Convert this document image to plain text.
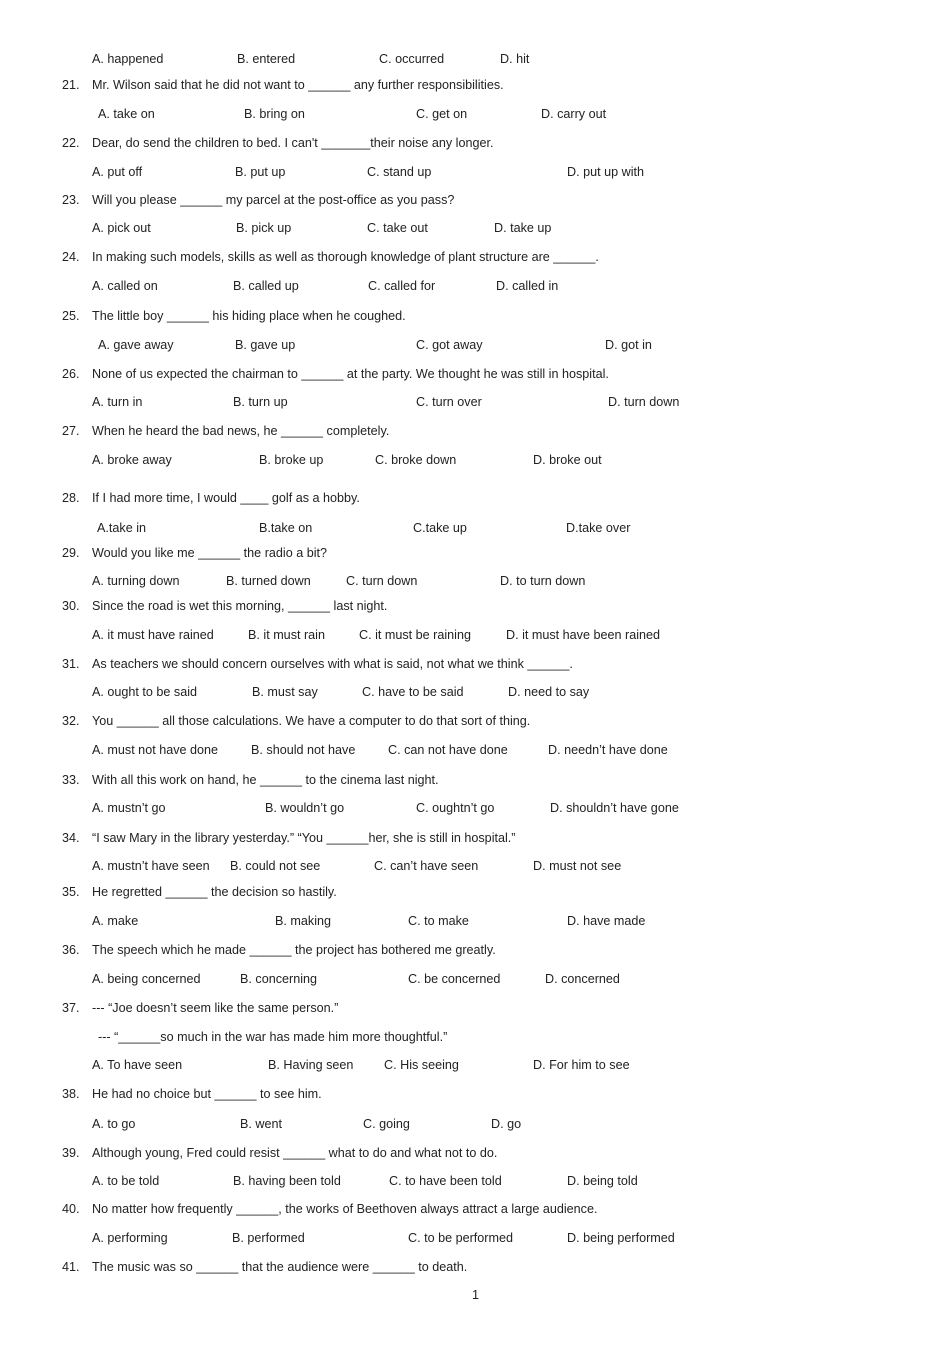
A. happened	B. entered	C. occurred	D. hit
21. Mr. Wilson said that he did not want to ______ any further responsibilities.
A. take on	B. bring on	C. get on	D. carry out
22. Dear, do send the children to bed. I can't _______their noise any longer.
A. put off	B. put up	C. stand up	D. put up with
23. Will you please ______ my parcel at the post-office as you pass?
A. pick out	B. pick up	C. take out	D. take up
24. In making such models, skills as well as thorough knowledge of plant structure are ______.
A. called on	B. called up	C. called for	D. called in
25. The little boy ______ his hiding place when he coughed.
A. gave away	B. gave up	C. got away	D. got in
26. None of us expected the chairman to ______ at the party. We thought he was still in hospital.
A. turn in	B. turn up	C. turn over	D. turn down
27. When he heard the bad news, he ______ completely.
A. broke away	B. broke up	C. broke down	D. broke out
28. If I had more time, I would ____ golf as a hobby.
A.take in	B.take on	C.take up	D.take over
29. Would you like me ______ the radio a bit?
A. turning down	B. turned down	C. turn down	D. to turn down
30. Since the road is wet this morning, ______ last night.
A. it must have rained	B. it must rain	C. it must be raining	D. it must have been rained
31. As teachers we should concern ourselves with what is said, not what we think ______.
A. ought to be said	B. must say	C. have to be said	D. need to say
32. You ______ all those calculations. We have a computer to do that sort of thing.
A. must not have done	B. should not have	C. can not have done	D. needn’t have done
33. With all this work on hand, he ______ to the cinema last night.
A. mustn’t go	B. wouldn’t go	C. oughtn’t go	D. shouldn’t have gone
34. “I saw Mary in the library yesterday.” “You ______her, she is still in hospital.”
A. mustn’t have seen B. could not see	C. can’t have seen	D. must not see
35. He regretted ______ the decision so hastily.
A. make	B. making	C. to make	D. have made
36. The speech which he made ______ the project has bothered me greatly.
A. being concerned	B. concerning	C. be concerned	D. concerned
37. --- “Joe doesn’t seem like the same person.”
--- “______so much in the war has made him more thoughtful.”
A. To have seen	B. Having seen C. His seeing	D. For him to see
38. He had no choice but ______ to see him.
A. to go	B. went	C. going	D. go
39. Although young, Fred could resist ______ what to do and what not to do.
A. to be told	B. having been told	C. to have been told	D. being told
40. No matter how frequently ______, the works of Beethoven always attract a large audience.
A. performing	B. performed	C. to be performed	D. being performed
41. The music was so ______ that the audience were ______ to death.
1
